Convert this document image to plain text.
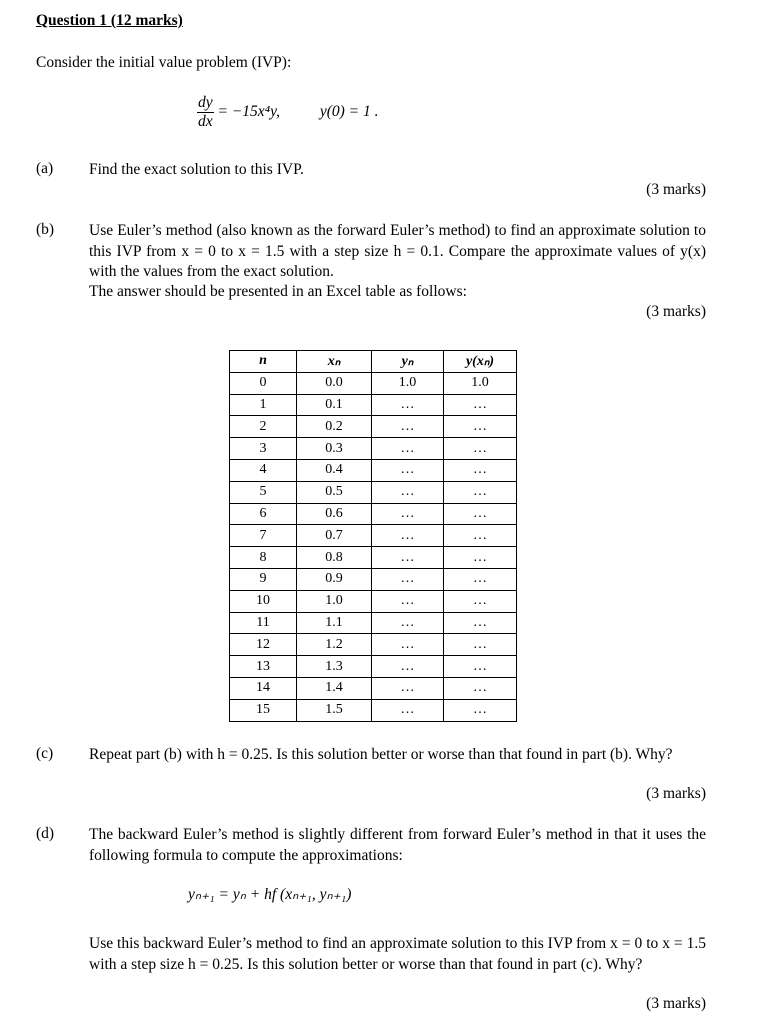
Question 1 (12 marks)
Consider the initial value problem (IVP):
$\frac{dy}{dx} = -15x^4y$,	y(0) = 1 .
(a) Find the exact solution to this IVP.
(3 marks)
(b) Use Euler’s method (also known as the forward Euler’s method) to find an approximate solution to this IVP from x = 0 to x = 1.5 with a step size h = 0.1. Compare the approximate values of y(x) with the values from the exact solution.
The answer should be presented in an Excel table as follows:
(3 marks)
n	xₙ	yₙ	y(xₙ)
0	0.0	1.0	1.0
1	0.1	…	…
2	0.2	…	…
3	0.3	…	…
4	0.4	…	…
5	0.5	…	…
6	0.6	…	…
7	0.7	…	…
8	0.8	…	…
9	0.9	…	…
10	1.0	…	…
11	1.1	…	…
12	1.2	…	…
13	1.3	…	…
14	1.4	…	…
15	1.5	…	…
(c) Repeat part (b) with h = 0.25. Is this solution better or worse than that found in part (b). Why?
(3 marks)
(d) The backward Euler’s method is slightly different from forward Euler’s method in that it uses the following formula to compute the approximations:
yₙ₊₁ = yₙ + hf (xₙ₊₁, yₙ₊₁)
Use this backward Euler’s method to find an approximate solution to this IVP from x = 0 to x = 1.5 with a step size h = 0.25. Is this solution better or worse than that found in part (c). Why?
(3 marks)
